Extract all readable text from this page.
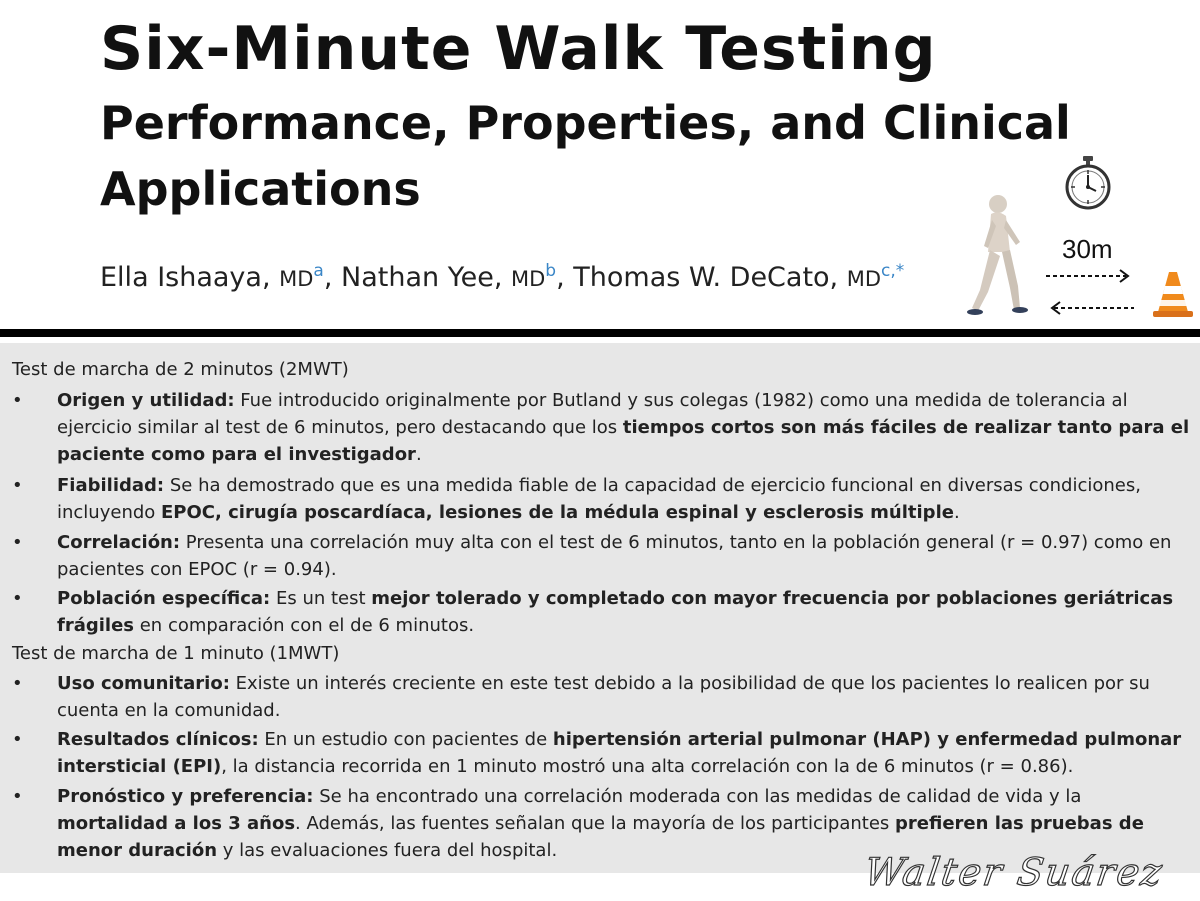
Six-Minute Walk Testing
Performance, Properties, and Clinical
Applications
Ella Ishaaya, $MD^a$, Nathan Yee, $MD^b$, Thomas W. DeCato, $MD^{c,*}$
30m
Test de marcha de 2 minutos (2MWT)
• Origen y utilidad: Fue introducido originalmente por Butland y sus colegas (1982) como una medida de tolerancia al ejercicio similar al test de 6 minutos, pero destacando que los tiempos cortos son más fáciles de realizar tanto para el paciente como para el investigador.
• Fiabilidad: Se ha demostrado que es una medida fiable de la capacidad de ejercicio funcional en diversas condiciones, incluyendo EPOC, cirugía poscardíaca, lesiones de la médula espinal y esclerosis múltiple.
• Correlación: Presenta una correlación muy alta con el test de 6 minutos, tanto en la población general (r = 0.97) como en pacientes con EPOC (r = 0.94).
• Población específica: Es un test mejor tolerado y completado con mayor frecuencia por poblaciones geriátricas frágiles en comparación con el de 6 minutos.
Test de marcha de 1 minuto (1MWT)
• Uso comunitario: Existe un interés creciente en este test debido a la posibilidad de que los pacientes lo realicen por su cuenta en la comunidad.
• Resultados clínicos: En un estudio con pacientes de hipertensión arterial pulmonar (HAP) y enfermedad pulmonar intersticial (EPI), la distancia recorrida en 1 minuto mostró una alta correlación con la de 6 minutos (r = 0.86).
• Pronóstico y preferencia: Se ha encontrado una correlación moderada con las medidas de calidad de vida y la mortalidad a los 3 años. Además, las fuentes señalan que la mayoría de los participantes prefieren las pruebas de menor duración y las evaluaciones fuera del hospital.	Walter Suárez
